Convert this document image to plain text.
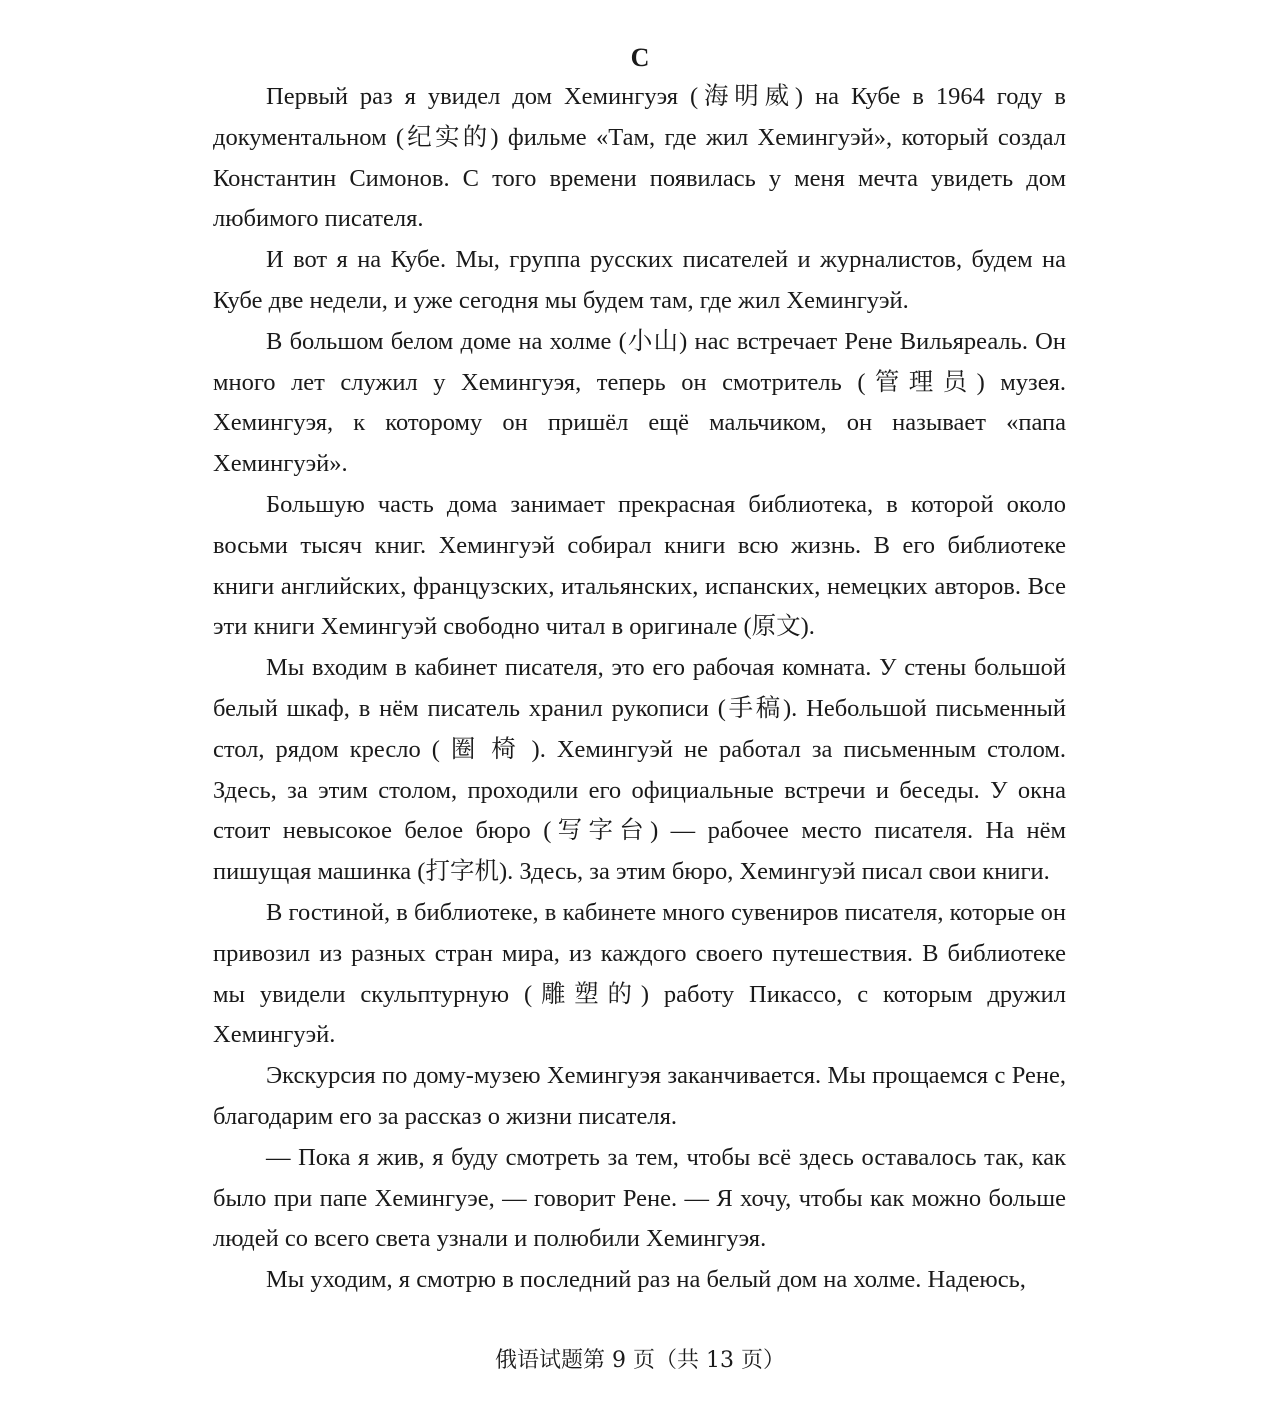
C

Первый раз я увидел дом Хемингуэя (海明威) на Кубе в 1964 году в документальном (纪实的) фильме «Там, где жил Хемингуэй», который создал Константин Симонов. С того времени появилась у меня мечта увидеть дом любимого писателя.

И вот я на Кубе. Мы, группа русских писателей и журналистов, будем на Кубе две недели, и уже сегодня мы будем там, где жил Хемингуэй.

В большом белом доме на холме (小山) нас встречает Рене Вильяреаль. Он много лет служил у Хемингуэя, теперь он смотритель (管理员) музея. Хемингуэя, к которому он пришёл ещё мальчиком, он называет «папа Хемингуэй».

Большую часть дома занимает прекрасная библиотека, в которой около восьми тысяч книг. Хемингуэй собирал книги всю жизнь. В его библиотеке книги английских, французских, итальянских, испанских, немецких авторов. Все эти книги Хемингуэй свободно читал в оригинале (原文).

Мы входим в кабинет писателя, это его рабочая комната. У стены большой белый шкаф, в нём писатель хранил рукописи (手稿). Небольшой письменный стол, рядом кресло ( 圈 椅 ). Хемингуэй не работал за письменным столом. Здесь, за этим столом, проходили его официальные встречи и беседы. У окна стоит невысокое белое бюро (写字台) — рабочее место писателя. На нём пишущая машинка (打字机). Здесь, за этим бюро, Хемингуэй писал свои книги.

В гостиной, в библиотеке, в кабинете много сувениров писателя, которые он привозил из разных стран мира, из каждого своего путешествия. В библиотеке мы увидели скульптурную (雕塑的) работу Пикассо, с которым дружил Хемингуэй.

Экскурсия по дому-музею Хемингуэя заканчивается. Мы прощаемся с Рене, благодарим его за рассказ о жизни писателя.

— Пока я жив, я буду смотреть за тем, чтобы всё здесь оставалось так, как было при папе Хемингуэе, — говорит Рене. — Я хочу, чтобы как можно больше людей со всего света узнали и полюбили Хемингуэя.

Мы уходим, я смотрю в последний раз на белый дом на холме. Надеюсь,

俄语试题第 9 页（共 13 页）
